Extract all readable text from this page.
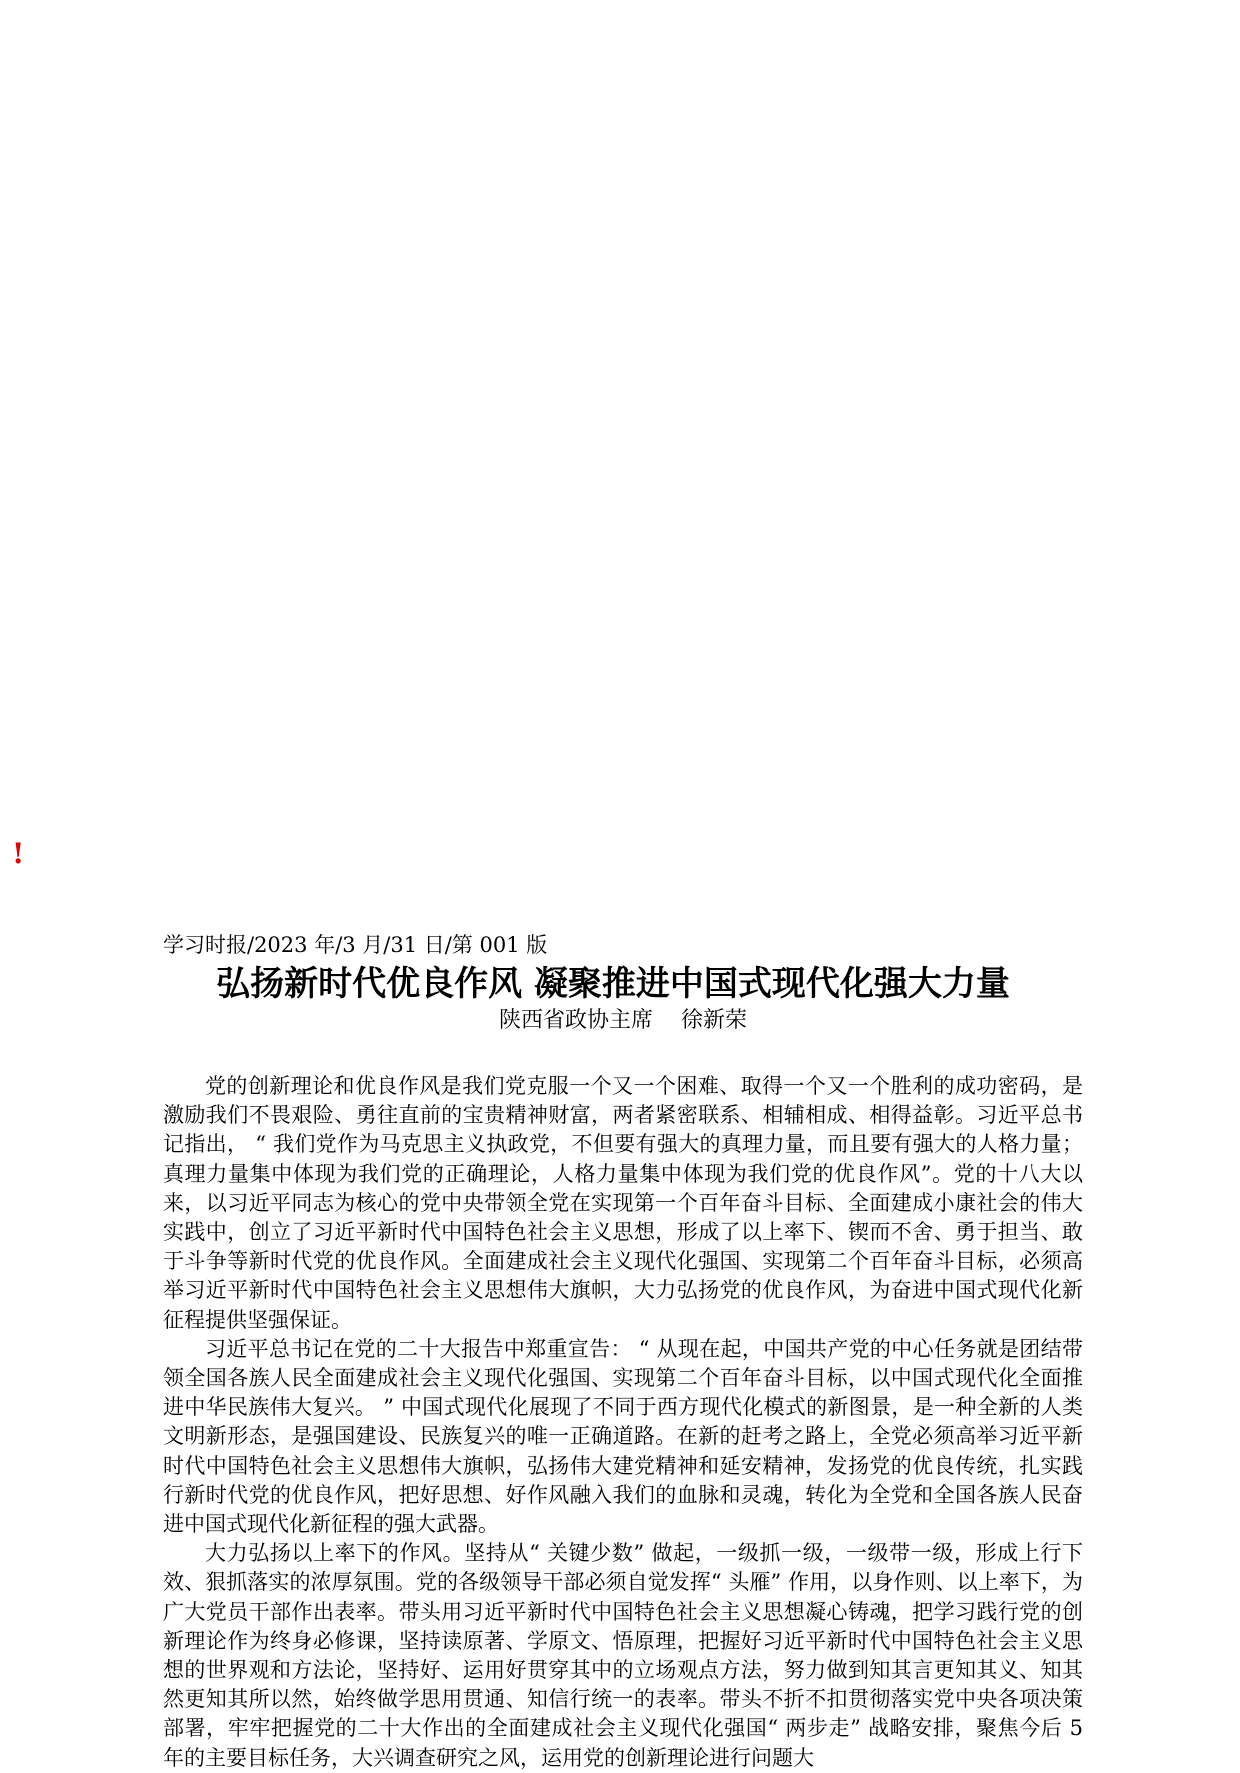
!
学习时报/2023 年/3 月/31 日/第 001 版
弘扬新时代优良作风 凝聚推进中国式现代化强大力量
陕西省政协主席    徐新荣

党的创新理论和优良作风是我们党克服一个又一个困难、取得一个又一个胜利的成功密码，是激励我们不畏艰险、勇往直前的宝贵精神财富，两者紧密联系、相辅相成、相得益彰。习近平总书记指出， “ 我们党作为马克思主义执政党，不但要有强大的真理力量，而且要有强大的人格力量；真理力量集中体现为我们党的正确理论，人格力量集中体现为我们党的优良作风”。党的十八大以来，以习近平同志为核心的党中央带领全党在实现第一个百年奋斗目标、全面建成小康社会的伟大实践中，创立了习近平新时代中国特色社会主义思想，形成了以上率下、锲而不舍、勇于担当、敢于斗争等新时代党的优良作风。全面建成社会主义现代化强国、实现第二个百年奋斗目标，必须高举习近平新时代中国特色社会主义思想伟大旗帜，大力弘扬党的优良作风，为奋进中国式现代化新征程提供坚强保证。

习近平总书记在党的二十大报告中郑重宣告： “ 从现在起，中国共产党的中心任务就是团结带领全国各族人民全面建成社会主义现代化强国、实现第二个百年奋斗目标，以中国式现代化全面推进中华民族伟大复兴。 ” 中国式现代化展现了不同于西方现代化模式的新图景，是一种全新的人类文明新形态，是强国建设、民族复兴的唯一正确道路。在新的赶考之路上，全党必须高举习近平新时代中国特色社会主义思想伟大旗帜，弘扬伟大建党精神和延安精神，发扬党的优良传统，扎实践行新时代党的优良作风，把好思想、好作风融入我们的血脉和灵魂，转化为全党和全国各族人民奋进中国式现代化新征程的强大武器。

大力弘扬以上率下的作风。坚持从“ 关键少数” 做起，一级抓一级，一级带一级，形成上行下效、狠抓落实的浓厚氛围。党的各级领导干部必须自觉发挥“ 头雁” 作用，以身作则、以上率下，为广大党员干部作出表率。带头用习近平新时代中国特色社会主义思想凝心铸魂，把学习践行党的创新理论作为终身必修课，坚持读原著、学原文、悟原理，把握好习近平新时代中国特色社会主义思想的世界观和方法论，坚持好、运用好贯穿其中的立场观点方法，努力做到知其言更知其义、知其然更知其所以然，始终做学思用贯通、知信行统一的表率。带头不折不扣贯彻落实党中央各项决策部署，牢牢把握党的二十大作出的全面建成社会主义现代化强国“ 两步走” 战略安排，聚焦今后 5 年的主要目标任务，大兴调查研究之风，运用党的创新理论进行问题大
